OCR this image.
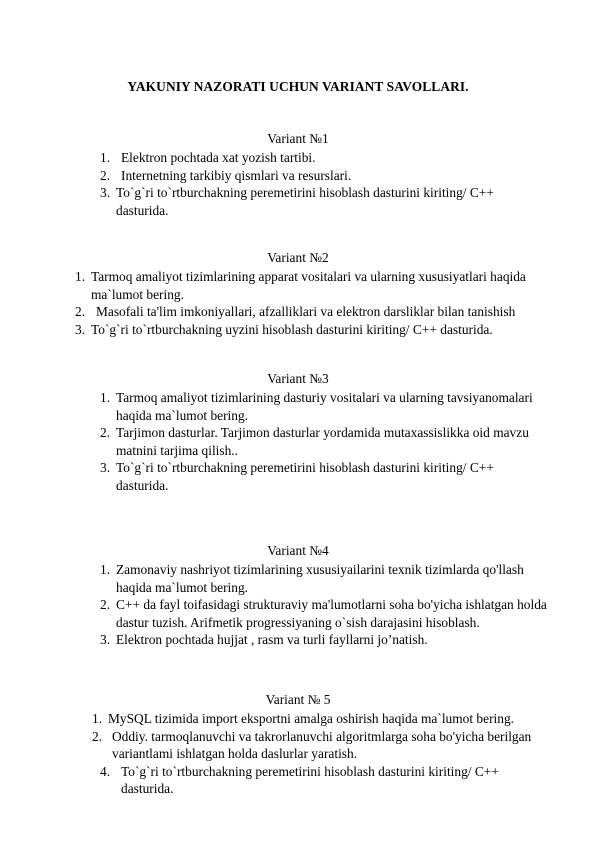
YAKUNIY NAZORATI UCHUN VARIANT SAVOLLARI.
Variant №1
1. Elektron pochtada xat yozish tartibi.
2. Internetning tarkibiy qismlari va resurslari.
3. To`g`ri to`rtburchakning peremetirini hisoblash dasturini kiriting/ C++ dasturida.
Variant №2
1. Tarmoq amaliyot tizimlarining apparat vositalari va ularning xususiyatlari haqida ma`lumot bering.
2. Masofali ta'lim imkoniyallari, afzalliklari va elektron darsliklar bilan tanishish
3. To`g`ri to`rtburchakning uyzini hisoblash dasturini kiriting/ C++ dasturida.
Variant №3
1. Tarmoq amaliyot tizimlarining dasturiy vositalari va ularning tavsiyanomalari haqida ma`lumot bering.
2. Tarjimon dasturlar. Tarjimon dasturlar yordamida mutaxassislikka oid mavzu matnini tarjima qilish..
3. To`g`ri to`rtburchakning peremetirini hisoblash dasturini kiriting/ C++ dasturida.
Variant №4
1. Zamonaviy nashriyot tizimlarining xususiyailarini texnik tizimlarda qo'llash haqida ma`lumot bering.
2. C++ da fayl toifasidagi strukturaviy ma'lumotlarni soha bo'yicha ishlatgan holda dastur tuzish. Arifmetik progressiyaning o`sish darajasini hisoblash.
3. Elektron pochtada hujjat , rasm va turli fayllarni jo’natish.
Variant № 5
1. MySQL tizimida import eksportni amalga oshirish haqida ma`lumot bering.
2. Oddiy. tarmoqlanuvchi va takrorlanuvchi algoritmlarga soha bo'yicha berilgan variantlami ishlatgan holda daslurlar yaratish.
4. To`g`ri to`rtburchakning peremetirini hisoblash dasturini kiriting/ C++ dasturida.
